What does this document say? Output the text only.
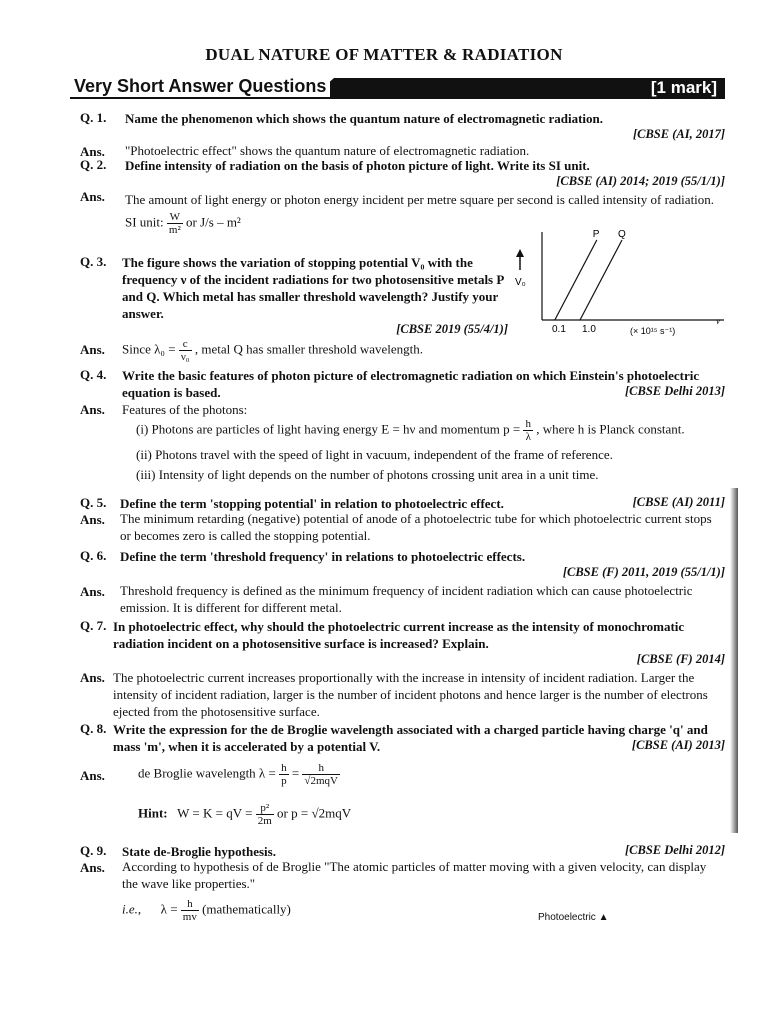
DUAL NATURE OF MATTER & RADIATION
Very Short Answer Questions	[1 mark]
Q. 1. Name the phenomenon which shows the quantum nature of electromagnetic radiation.
[CBSE (AI, 2017]
"Photoelectric effect" shows the quantum nature of electromagnetic radiation.
Ans.
Q. 2. Define intensity of radiation on the basis of photon picture of light. Write its SI unit.
[CBSE (AI) 2014; 2019 (55/1/1)]
The amount of light energy or photon energy incident per metre square per second is called intensity of radiation.
SI unit: $\frac{W}{\text{m²}}$ or J/s – m²
Ans.
Q. 3. The figure shows the variation of stopping potential V₀ with the frequency ν of the incident radiations for two photosensitive metals P and Q. Which metal has smaller threshold wavelength? Justify your answer.
[CBSE 2019 (55/4/1)]
V₀
ν
P Q
0.1 1.0	(× 10¹⁵ s⁻¹)
Ans. Since $\lambda_0 = \frac{c}{\text{ν₀}}$ , metal Q has smaller threshold wavelength.
Q. 4. Write the basic features of photon picture of electromagnetic radiation on which Einstein's photoelectric equation is based.	[CBSE Delhi 2013]
Features of the photons:
(i) Photons are particles of light having energy E = hν and momentum $p = \frac{h}{\lambda}$ , where h is Planck constant.
(ii) Photons travel with the speed of light in vacuum, independent of the frame of reference.
(iii) Intensity of light depends on the number of photons crossing unit area in a unit time.
Ans.
Q. 5. Define the term 'stopping potential' in relation to photoelectric effect.	[CBSE (AI) 2011]
The minimum retarding (negative) potential of anode of a photoelectric tube for which photoelectric current stops or becomes zero is called the stopping potential.
Ans.
Q. 6. Define the term 'threshold frequency' in relations to photoelectric effects.
[CBSE (F) 2011, 2019 (55/1/1)]
Threshold frequency is defined as the minimum frequency of incident radiation which can cause photoelectric emission. It is different for different metal.
Ans.
Q. 7. In photoelectric effect, why should the photoelectric current increase as the intensity of monochromatic radiation incident on a photosensitive surface is increased? Explain.
[CBSE (F) 2014]
The photoelectric current increases proportionally with the increase in intensity of incident radiation. Larger the intensity of incident radiation, larger is the number of incident photons and hence larger is the number of electrons ejected from the photosensitive surface.
Ans.
Q. 8. Write the expression for the de Broglie wavelength associated with a charged particle having charge 'q' and mass 'm', when it is accelerated by a potential V.	[CBSE (AI) 2013]
Ans.	de Broglie wavelength $\lambda = \frac{h}{p} = \frac{h}{\text{√2mqV}}$
Hint: W = K = qV = $\frac{\text{p²}}{2m}$ or p = √2mqV
Q. 9. State de-Broglie hypothesis.	[CBSE Delhi 2012]
According to hypothesis of de Broglie "The atomic particles of matter moving with a given velocity, can display the wave like properties."
i.e., $\lambda = \frac{h}{mv}$ (mathematically)
Ans.
Photoelectric ▲
